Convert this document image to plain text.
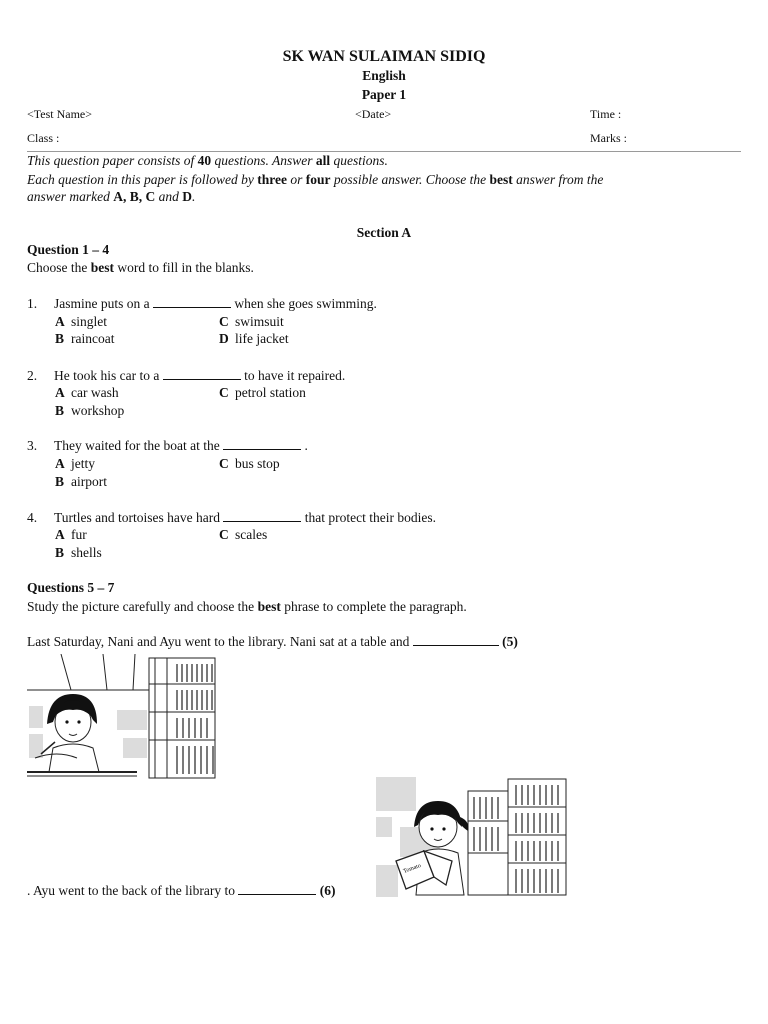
SK WAN SULAIMAN SIDIQ
English
Paper 1
<Test Name>	<Date>	Time :
Class :	Marks :
This question paper consists of 40 questions. Answer all questions.
Each question in this paper is followed by three or four possible answer. Choose the best answer from the
answer marked A, B, C and D.
Section A
Question 1 – 4
Choose the best word to fill in the blanks.
1. Jasmine puts on a	when she goes swimming.
A singlet	C swimsuit
B raincoat	D life jacket
2. He took his car to a	to have it repaired.
A car wash	C petrol station
B workshop
3. They waited for the boat at the	.
A jetty	C bus stop
B airport
4. Turtles and tortoises have hard	that protect their bodies.
A fur	C scales
B shells
Questions 5 – 7
Study the picture carefully and choose the best phrase to complete the paragraph.
Last Saturday, Nani and Ayu went to the library. Nani sat at a table and	(5)
Tomato
. Ayu went to the back of the library to	(6)
